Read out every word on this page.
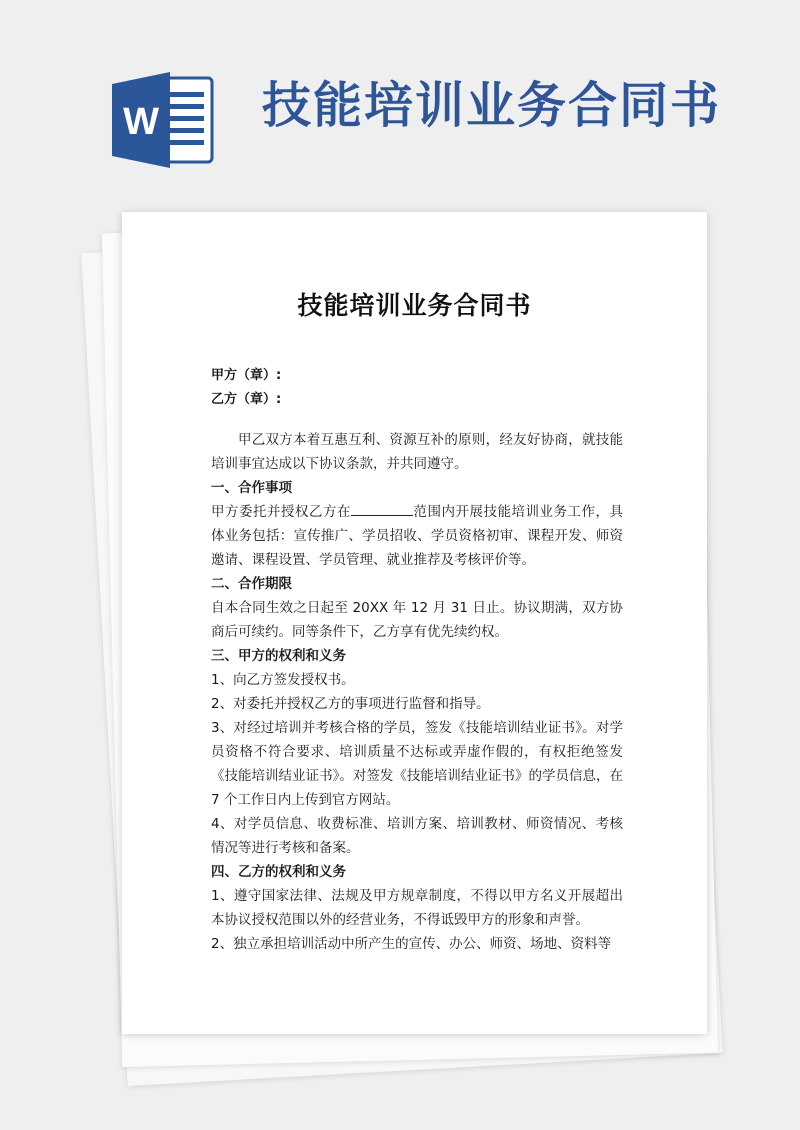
W 技能培训业务合同书
技能培训业务合同书
甲方（章）:
乙方（章）:

甲乙双方本着互惠互利、资源互补的原则，经友好协商，就技能培训事宜达成以下协议条款，并共同遵守。

一、合作事项

甲方委托并授权乙方在	范围内开展技能培训业务工作，具体业务包括：宣传推广、学员招收、学员资格初审、课程开发、师资邀请、课程设置、学员管理、就业推荐及考核评价等。

二、合作期限

自本合同生效之日起至 20XX 年 12 月 31 日止。协议期满，双方协商后可续约。同等条件下，乙方享有优先续约权。

三、甲方的权利和义务

1、向乙方签发授权书。

2、对委托并授权乙方的事项进行监督和指导。

3、对经过培训并考核合格的学员，签发《技能培训结业证书》。对学员资格不符合要求、培训质量不达标或弄虚作假的，有权拒绝签发《技能培训结业证书》。对签发《技能培训结业证书》的学员信息，在 7 个工作日内上传到官方网站。

4、对学员信息、收费标准、培训方案、培训教材、师资情况、考核情况等进行考核和备案。

四、乙方的权利和义务

1、遵守国家法律、法规及甲方规章制度，不得以甲方名义开展超出本协议授权范围以外的经营业务，不得诋毁甲方的形象和声誉。

2、独立承担培训活动中所产生的宣传、办公、师资、场地、资料等
